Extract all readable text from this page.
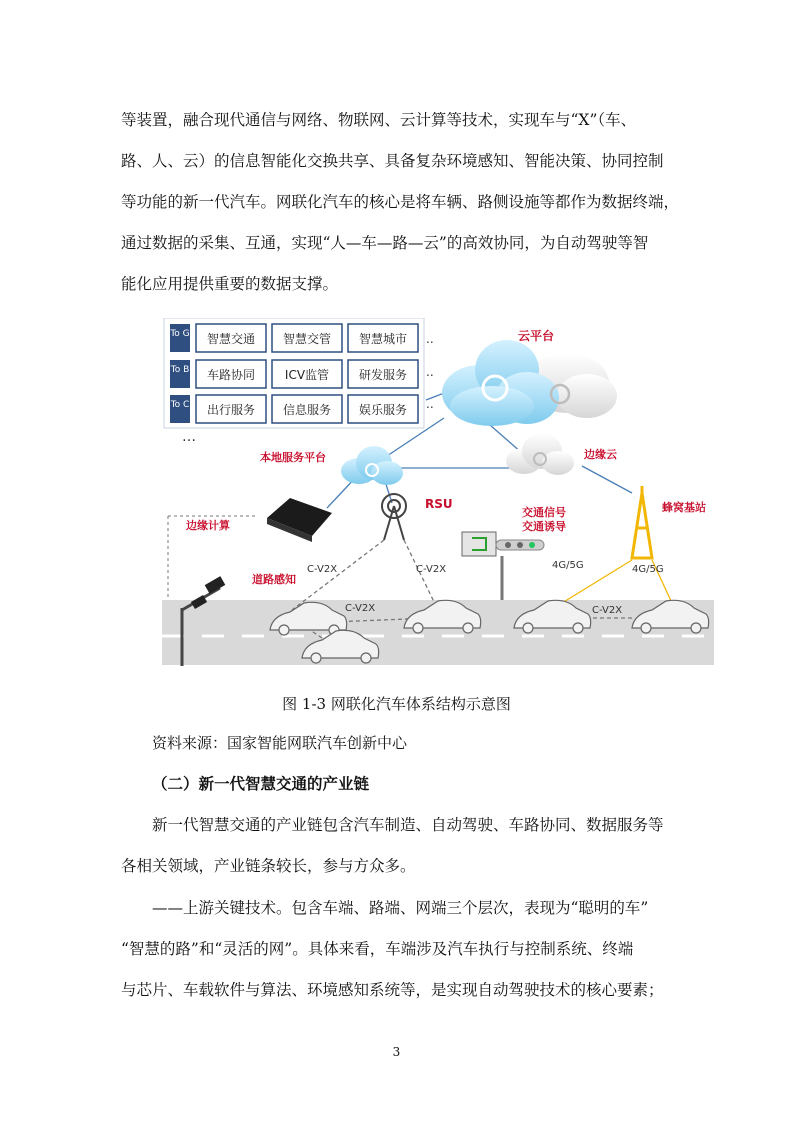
等装置，融合现代通信与网络、物联网、云计算等技术，实现车与“X”（车、
路、人、云）的信息智能化交换共享、具备复杂环境感知、智能决策、协同控制
等功能的新一代汽车。网联化汽车的核心是将车辆、路侧设施等都作为数据终端，
通过数据的采集、互通，实现“人—车—路—云”的高效协同，为自动驾驶等智
能化应用提供重要的数据支撑。
To G
To B
To C
智慧交通 智慧交管 智慧城市
车路协同 ICV监管 研发服务
出行服务 信息服务 娱乐服务
..
..
..
…
云平台
本地服务平台	边缘云
边缘计算
RSU
交通信号
交通诱导
蜂窝基站
道路感知
C-V2X	C-V2X
C-V2X	C-V2X
4G/5G	4G/5G
图 1-3 网联化汽车体系结构示意图
资料来源：国家智能网联汽车创新中心
（二）新一代智慧交通的产业链
新一代智慧交通的产业链包含汽车制造、自动驾驶、车路协同、数据服务等
各相关领域，产业链条较长，参与方众多。
——上游关键技术。包含车端、路端、网端三个层次，表现为“聪明的车”
“智慧的路”和“灵活的网”。具体来看，车端涉及汽车执行与控制系统、终端
与芯片、车载软件与算法、环境感知系统等，是实现自动驾驶技术的核心要素；
3
